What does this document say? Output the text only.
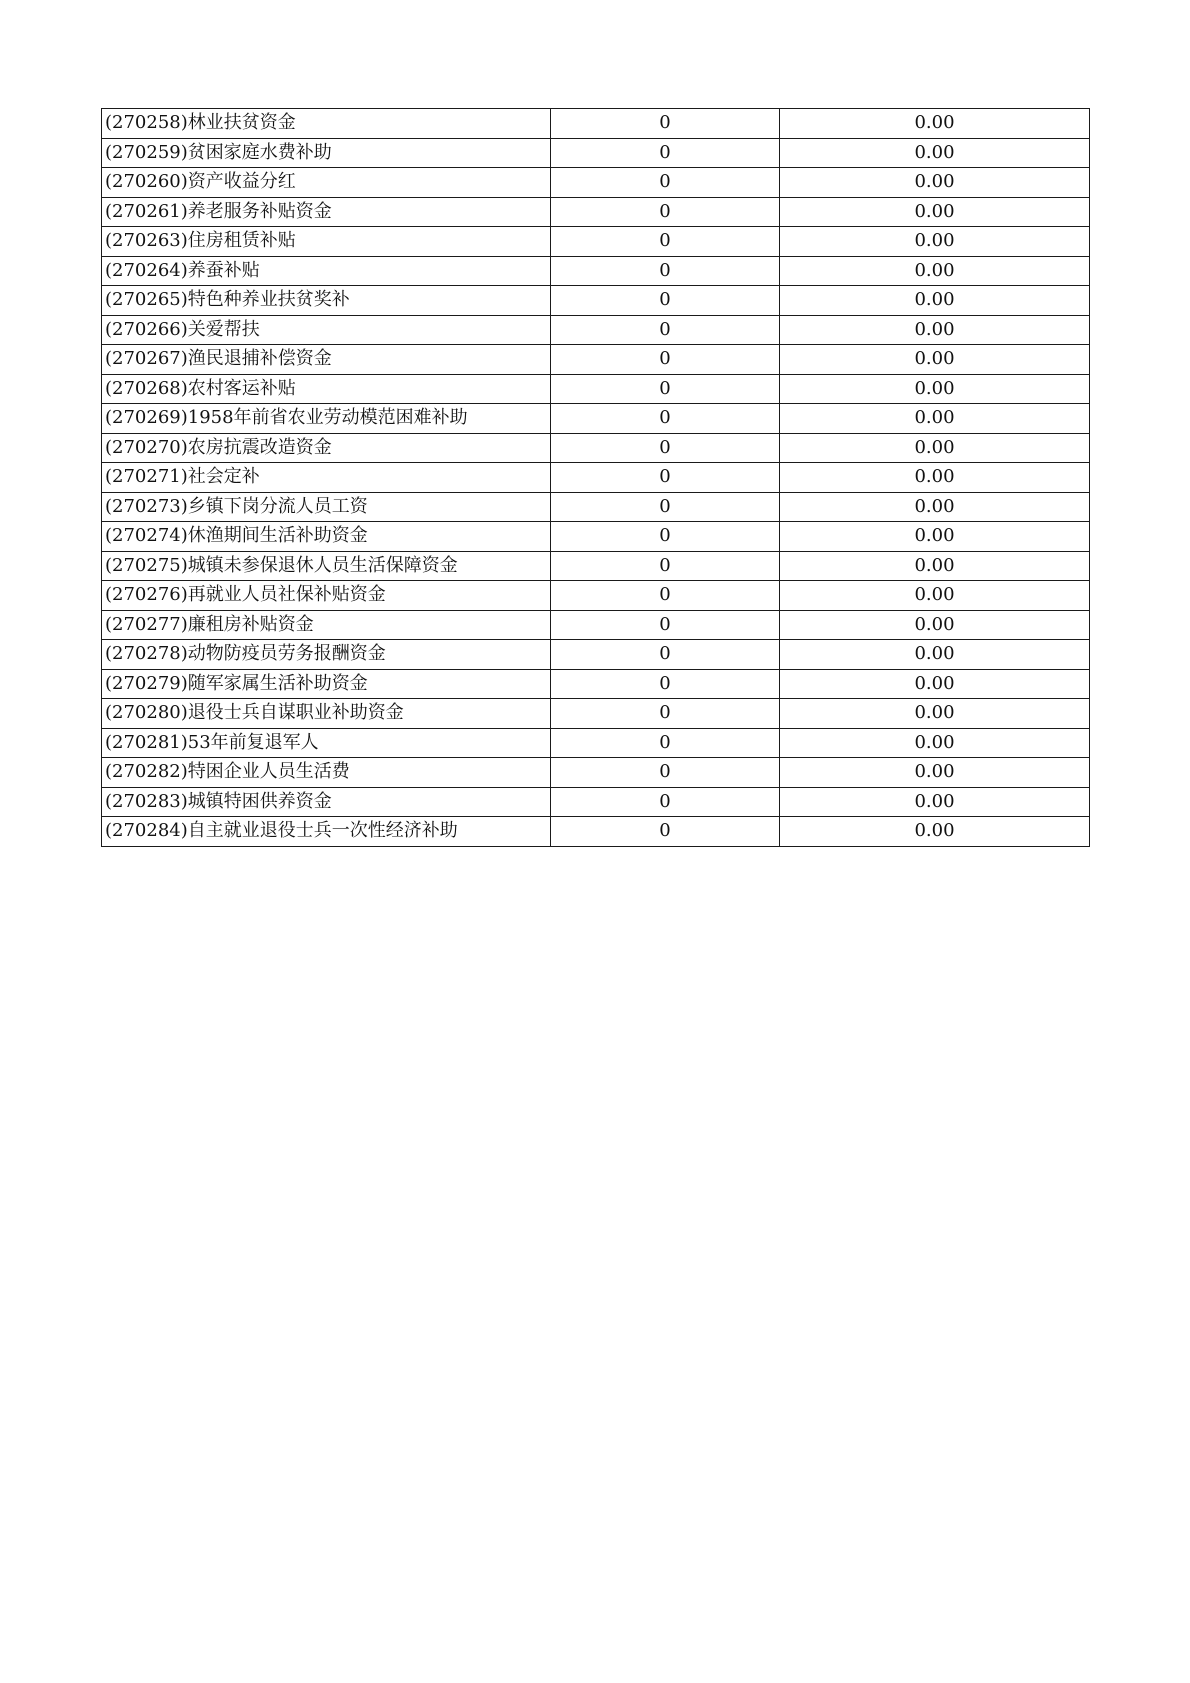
(270258)林业扶贫资金	0	0.00
(270259)贫困家庭水费补助	0	0.00
(270260)资产收益分红	0	0.00
(270261)养老服务补贴资金	0	0.00
(270263)住房租赁补贴	0	0.00
(270264)养蚕补贴	0	0.00
(270265)特色种养业扶贫奖补	0	0.00
(270266)关爱帮扶	0	0.00
(270267)渔民退捕补偿资金	0	0.00
(270268)农村客运补贴	0	0.00
(270269)1958年前省农业劳动模范困难补助	0	0.00
(270270)农房抗震改造资金	0	0.00
(270271)社会定补	0	0.00
(270273)乡镇下岗分流人员工资	0	0.00
(270274)休渔期间生活补助资金	0	0.00
(270275)城镇未参保退休人员生活保障资金	0	0.00
(270276)再就业人员社保补贴资金	0	0.00
(270277)廉租房补贴资金	0	0.00
(270278)动物防疫员劳务报酬资金	0	0.00
(270279)随军家属生活补助资金	0	0.00
(270280)退役士兵自谋职业补助资金	0	0.00
(270281)53年前复退军人	0	0.00
(270282)特困企业人员生活费	0	0.00
(270283)城镇特困供养资金	0	0.00
(270284)自主就业退役士兵一次性经济补助	0	0.00
